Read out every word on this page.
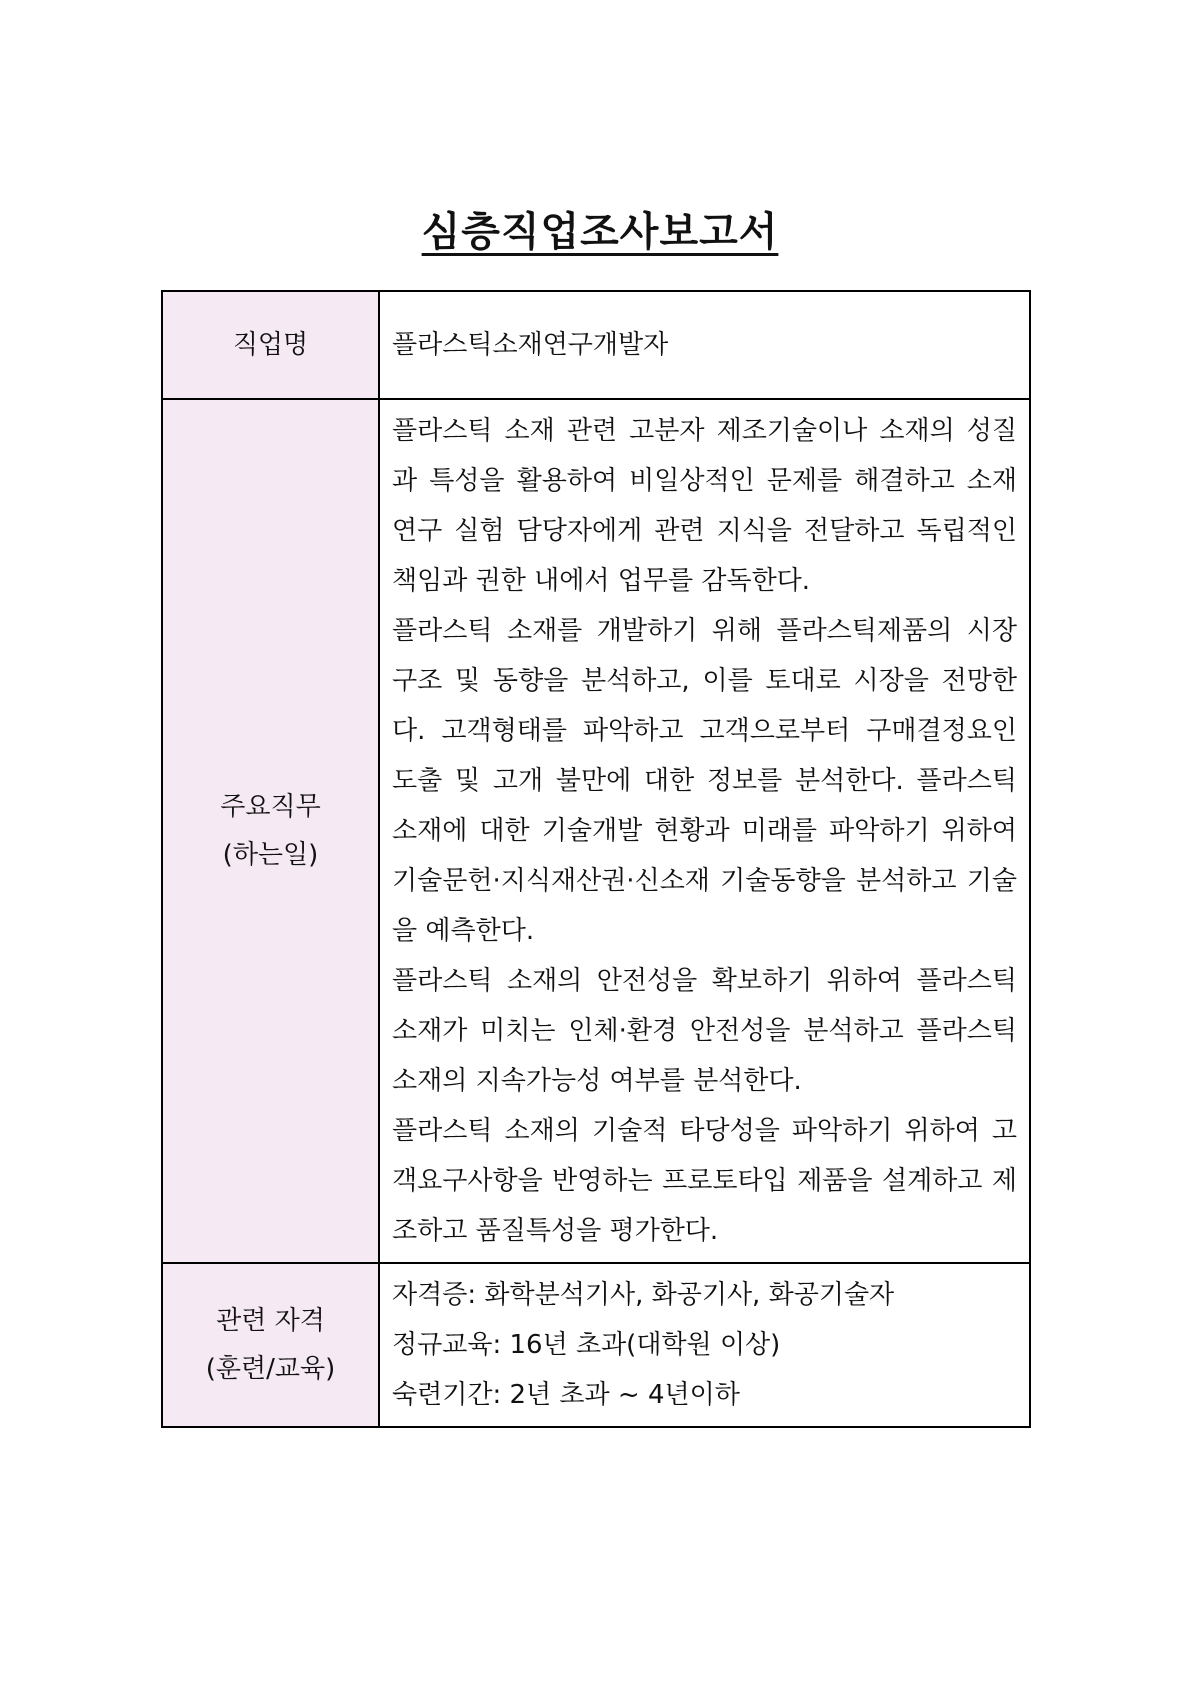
심층직업조사보고서
직업명	플라스틱소재연구개발자

주요직무
(하는일)	플라스틱 소재 관련 고분자 제조기술이나 소재의 성질과 특성을 활용하여 비일상적인 문제를 해결하고 소재연구 실험 담당자에게 관련 지식을 전달하고 독립적인 책임과 권한 내에서 업무를 감독한다.
플라스틱 소재를 개발하기 위해 플라스틱제품의 시장 구조 및 동향을 분석하고, 이를 토대로 시장을 전망한다. 고객형태를 파악하고 고객으로부터 구매결정요인 도출 및 고개 불만에 대한 정보를 분석한다. 플라스틱 소재에 대한 기술개발 현황과 미래를 파악하기 위하여 기술문헌·지식재산권·신소재 기술동향을 분석하고 기술을 예측한다.
플라스틱 소재의 안전성을 확보하기 위하여 플라스틱 소재가 미치는 인체·환경 안전성을 분석하고 플라스틱 소재의 지속가능성 여부를 분석한다.
플라스틱 소재의 기술적 타당성을 파악하기 위하여 고객요구사항을 반영하는 프로토타입 제품을 설계하고 제조하고 품질특성을 평가한다.

관련 자격
(훈련/교육)	자격증: 화학분석기사, 화공기사, 화공기술자
정규교육: 16년 초과(대학원 이상)
숙련기간: 2년 초과 ~ 4년이하
